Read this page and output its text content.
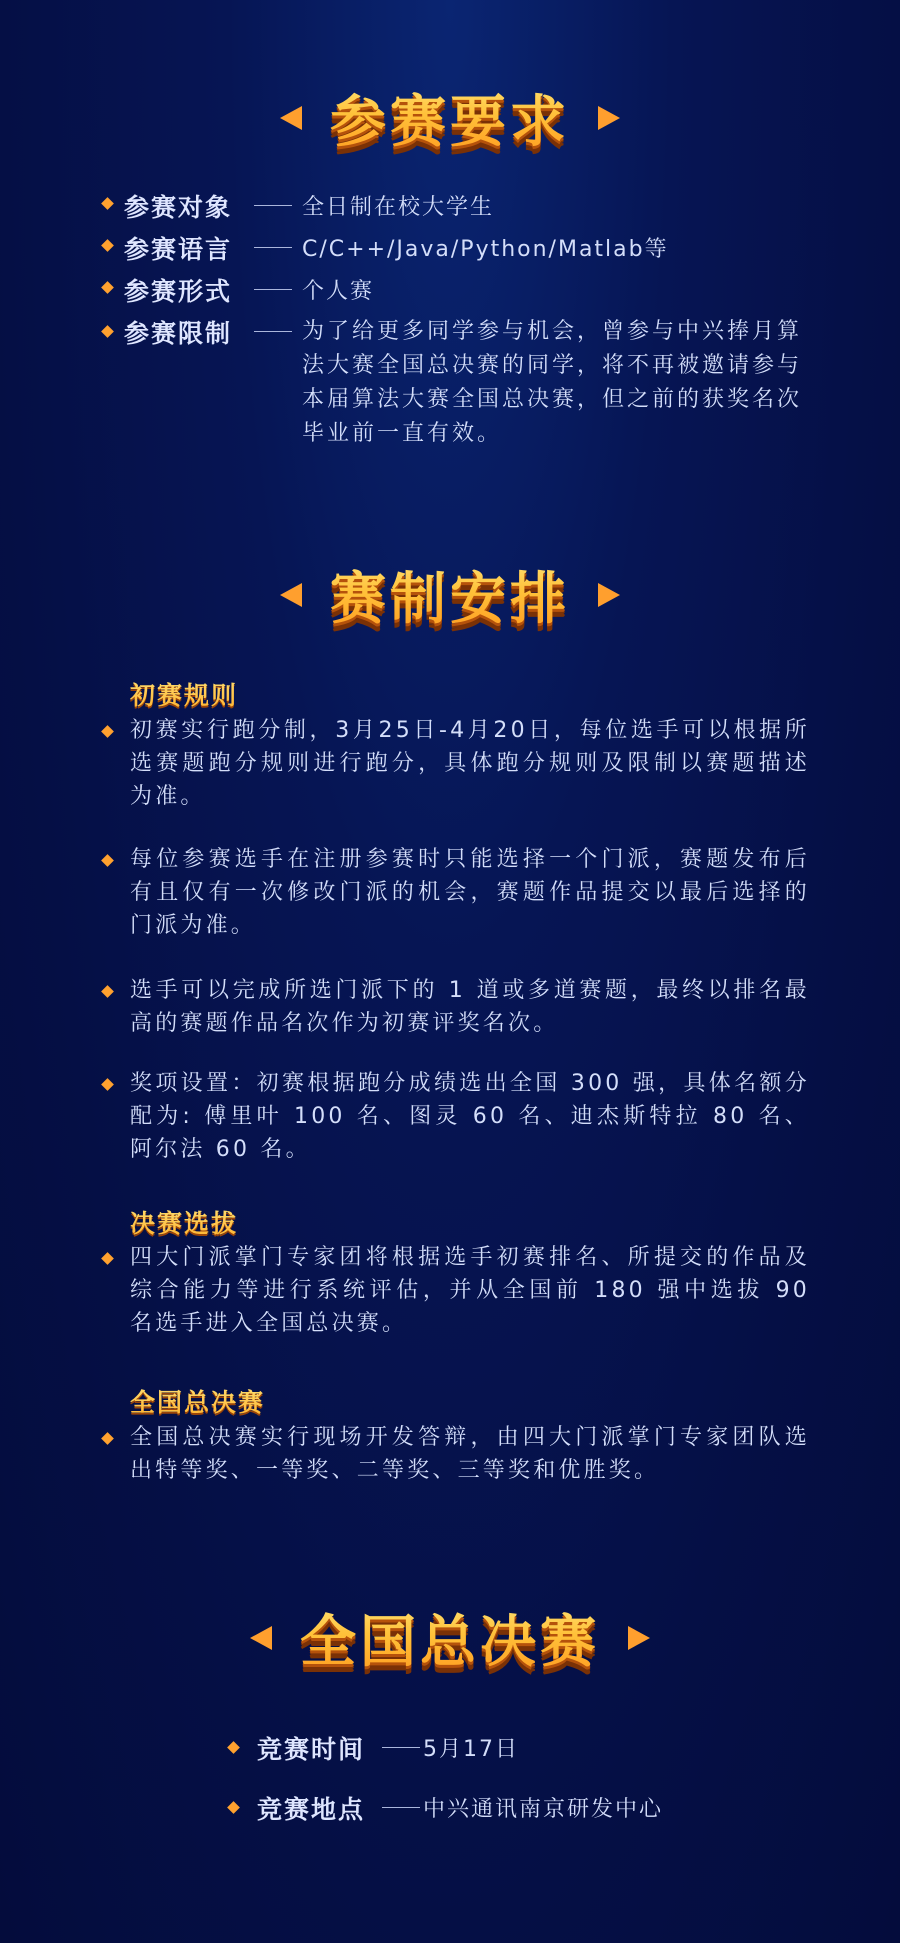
参赛要求
参赛对象	全日制在校大学生
参赛语言	C/C++/Java/Python/Matlab等
参赛形式	个人赛
参赛限制	为了给更多同学参与机会，曾参与中兴捧月算法大赛全国总决赛的同学，将不再被邀请参与本届算法大赛全国总决赛，但之前的获奖名次毕业前一直有效。
赛制安排
初赛规则
初赛实行跑分制，3月25日-4月20日，每位选手可以根据所选赛题跑分规则进行跑分，具体跑分规则及限制以赛题描述为准。
每位参赛选手在注册参赛时只能选择一个门派，赛题发布后有且仅有一次修改门派的机会，赛题作品提交以最后选择的门派为准。
选手可以完成所选门派下的 1 道或多道赛题，最终以排名最高的赛题作品名次作为初赛评奖名次。
奖项设置：初赛根据跑分成绩选出全国 300 强，具体名额分配为: 傅里叶 100 名、图灵 60 名、迪杰斯特拉 80 名、阿尔法 60 名。
决赛选拔
四大门派掌门专家团将根据选手初赛排名、所提交的作品及综合能力等进行系统评估，并从全国前 180 强中选拔 90 名选手进入全国总决赛。
全国总决赛
全国总决赛实行现场开发答辩，由四大门派掌门专家团队选出特等奖、一等奖、二等奖、三等奖和优胜奖。
全国总决赛
竞赛时间	5月17日
竞赛地点	中兴通讯南京研发中心
